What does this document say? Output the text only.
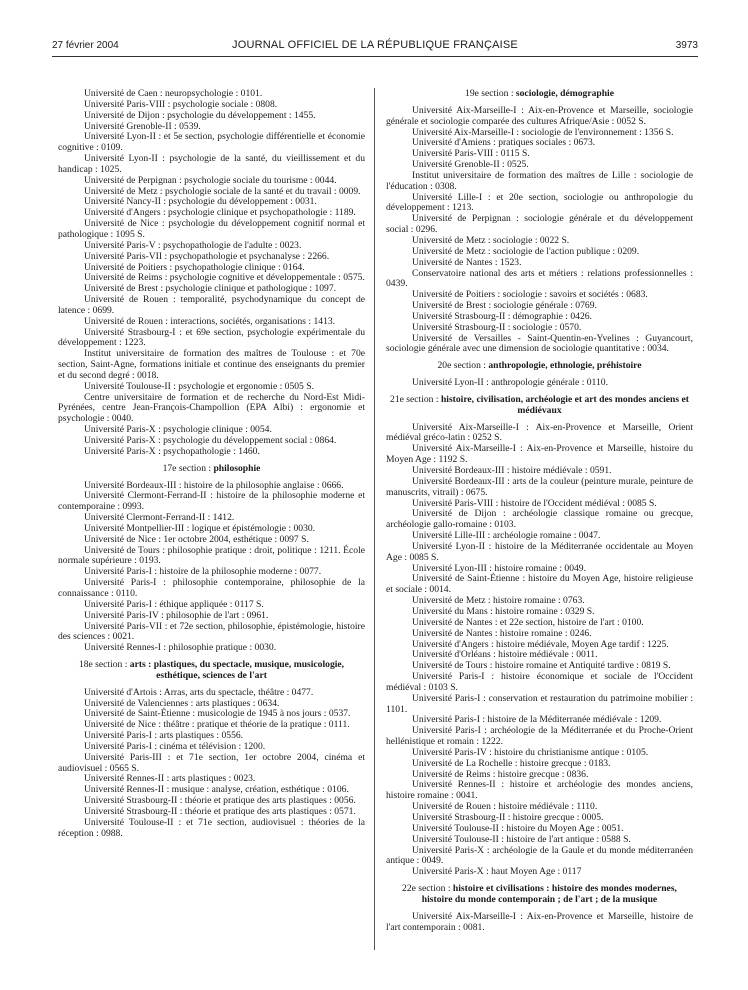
27 février 2004	JOURNAL OFFICIEL DE LA RÉPUBLIQUE FRANÇAISE	3973

Université de Caen : neuropsychologie : 0101.

Université Paris-VIII : psychologie sociale : 0808.

Université de Dijon : psychologie du développement : 1455.

Université Grenoble-II : 0539.

Université Lyon-II : et 5e section, psychologie différentielle et économie cognitive : 0109.

Université Lyon-II : psychologie de la santé, du vieillissement et du handicap : 1025.

Université de Perpignan : psychologie sociale du tourisme : 0044.

Université de Metz : psychologie sociale de la santé et du travail : 0009.

Université Nancy-II : psychologie du développement : 0031.

Université d'Angers : psychologie clinique et psychopathologie : 1189.

Université de Nice : psychologie du développement cognitif normal et pathologique : 1095 S.

Université Paris-V : psychopathologie de l'adulte : 0023.

Université Paris-VII : psychopathologie et psychanalyse : 2266.

Université de Poitiers : psychopathologie clinique : 0164.

Université de Reims : psychologie cognitive et développementale : 0575.

Université de Brest : psychologie clinique et pathologique : 1097.

Université de Rouen : temporalité, psychodynamique du concept de latence : 0699.

Université de Rouen : interactions, sociétés, organisations : 1413.

Université Strasbourg-I : et 69e section, psychologie expérimentale du développement : 1223.

Institut universitaire de formation des maîtres de Toulouse : et 70e section, Saint-Agne, formations initiale et continue des enseignants du premier et du second degré : 0018.

Université Toulouse-II : psychologie et ergonomie : 0505 S.

Centre universitaire de formation et de recherche du Nord-Est Midi-Pyrénées, centre Jean-François-Champollion (EPA Albi) : ergonomie et psychologie : 0040.

Université Paris-X : psychologie clinique : 0054.

Université Paris-X : psychologie du développement social : 0864.

Université Paris-X : psychopathologie : 1460.

17e section : philosophie

Université Bordeaux-III : histoire de la philosophie anglaise : 0666.

Université Clermont-Ferrand-II : histoire de la philosophie moderne et contemporaine : 0993.

Université Clermont-Ferrand-II : 1412.

Université Montpellier-III : logique et épistémologie : 0030.

Université de Nice : 1er octobre 2004, esthétique : 0097 S.

Université de Tours : philosophie pratique : droit, politique : 1211. École normale supérieure : 0193.

Université Paris-I : histoire de la philosophie moderne : 0077.

Université Paris-I : philosophie contemporaine, philosophie de la connaissance : 0110.

Université Paris-I : éthique appliquée : 0117 S.

Université Paris-IV : philosophie de l'art : 0961.

Université Paris-VII : et 72e section, philosophie, épistémologie, histoire des sciences : 0021.

Université Rennes-I : philosophie pratique : 0030.

18e section : arts : plastiques, du spectacle, musique, musicologie, esthétique, sciences de l'art

Université d'Artois : Arras, arts du spectacle, théâtre : 0477.

Université de Valenciennes : arts plastiques : 0634.

Université de Saint-Étienne : musicologie de 1945 à nos jours : 0537.

Université de Nice : théâtre : pratique et théorie de la pratique : 0111.

Université Paris-I : arts plastiques : 0556.

Université Paris-I : cinéma et télévision : 1200.

Université Paris-III : et 71e section, 1er octobre 2004, cinéma et audiovisuel : 0565 S.

Université Rennes-II : arts plastiques : 0023.

Université Rennes-II : musique : analyse, création, esthétique : 0106.

Université Strasbourg-II : théorie et pratique des arts plastiques : 0056.

Université Strasbourg-II : théorie et pratique des arts plastiques : 0571.

Université Toulouse-II : et 71e section, audiovisuel : théories de la réception : 0988.

19e section : sociologie, démographie

Université Aix-Marseille-I : Aix-en-Provence et Marseille, sociologie générale et sociologie comparée des cultures Afrique/Asie : 0052 S.

Université Aix-Marseille-I : sociologie de l'environnement : 1356 S.

Université d'Amiens : pratiques sociales : 0673.

Université Paris-VIII : 0115 S.

Université Grenoble-II : 0525.

Institut universitaire de formation des maîtres de Lille : sociologie de l'éducation : 0308.

Université Lille-I : et 20e section, sociologie ou anthropologie du développement : 1213.

Université de Perpignan : sociologie générale et du développement social : 0296.

Université de Metz : sociologie : 0022 S.

Université de Metz : sociologie de l'action publique : 0209.

Université de Nantes : 1523.

Conservatoire national des arts et métiers : relations professionnelles : 0439.

Université de Poitiers : sociologie : savoirs et sociétés : 0683.

Université de Brest : sociologie générale : 0769.

Université Strasbourg-II : démographie : 0426.

Université Strasbourg-II : sociologie : 0570.

Université de Versailles - Saint-Quentin-en-Yvelines : Guyancourt, sociologie générale avec une dimension de sociologie quantitative : 0034.

20e section : anthropologie, ethnologie, préhistoire

Université Lyon-II : anthropologie générale : 0110.

21e section : histoire, civilisation, archéologie et art des mondes anciens et médiévaux

Université Aix-Marseille-I : Aix-en-Provence et Marseille, Orient médiéval gréco-latin : 0252 S.

Université Aix-Marseille-I : Aix-en-Provence et Marseille, histoire du Moyen Age : 1192 S.

Université Bordeaux-III : histoire médiévale : 0591.

Université Bordeaux-III : arts de la couleur (peinture murale, peinture de manuscrits, vitrail) : 0675.

Université Paris-VIII : histoire de l'Occident médiéval : 0085 S.

Université de Dijon : archéologie classique romaine ou grecque, archéologie gallo-romaine : 0103.

Université Lille-III : archéologie romaine : 0047.

Université Lyon-II : histoire de la Méditerranée occidentale au Moyen Age : 0085 S.

Université Lyon-III : histoire romaine : 0049.

Université de Saint-Étienne : histoire du Moyen Age, histoire religieuse et sociale : 0014.

Université de Metz : histoire romaine : 0763.

Université du Mans : histoire romaine : 0329 S.

Université de Nantes : et 22e section, histoire de l'art : 0100.

Université de Nantes : histoire romaine : 0246.

Université d'Angers : histoire médiévale, Moyen Age tardif : 1225.

Université d'Orléans : histoire médiévale : 0011.

Université de Tours : histoire romaine et Antiquité tardive : 0819 S.

Université Paris-I : histoire économique et sociale de l'Occident médiéval : 0103 S.

Université Paris-I : conservation et restauration du patrimoine mobilier : 1101.

Université Paris-I : histoire de la Méditerranée médiévale : 1209.

Université Paris-I : archéologie de la Méditerranée et du Proche-Orient hellénistique et romain : 1222.

Université Paris-IV : histoire du christianisme antique : 0105.

Université de La Rochelle : histoire grecque : 0183.

Université de Reims : histoire grecque : 0836.

Université Rennes-II : histoire et archéologie des mondes anciens, histoire romaine : 0041.

Université de Rouen : histoire médiévale : 1110.

Université Strasbourg-II : histoire grecque : 0005.

Université Toulouse-II : histoire du Moyen Age : 0051.

Université Toulouse-II : histoire de l'art antique : 0588 S.

Université Paris-X : archéologie de la Gaule et du monde méditerranéen antique : 0049.

Université Paris-X : haut Moyen Age : 0117

22e section : histoire et civilisations : histoire des mondes modernes, histoire du monde contemporain ; de l'art ; de la musique

Université Aix-Marseille-I : Aix-en-Provence et Marseille, histoire de l'art contemporain : 0081.
